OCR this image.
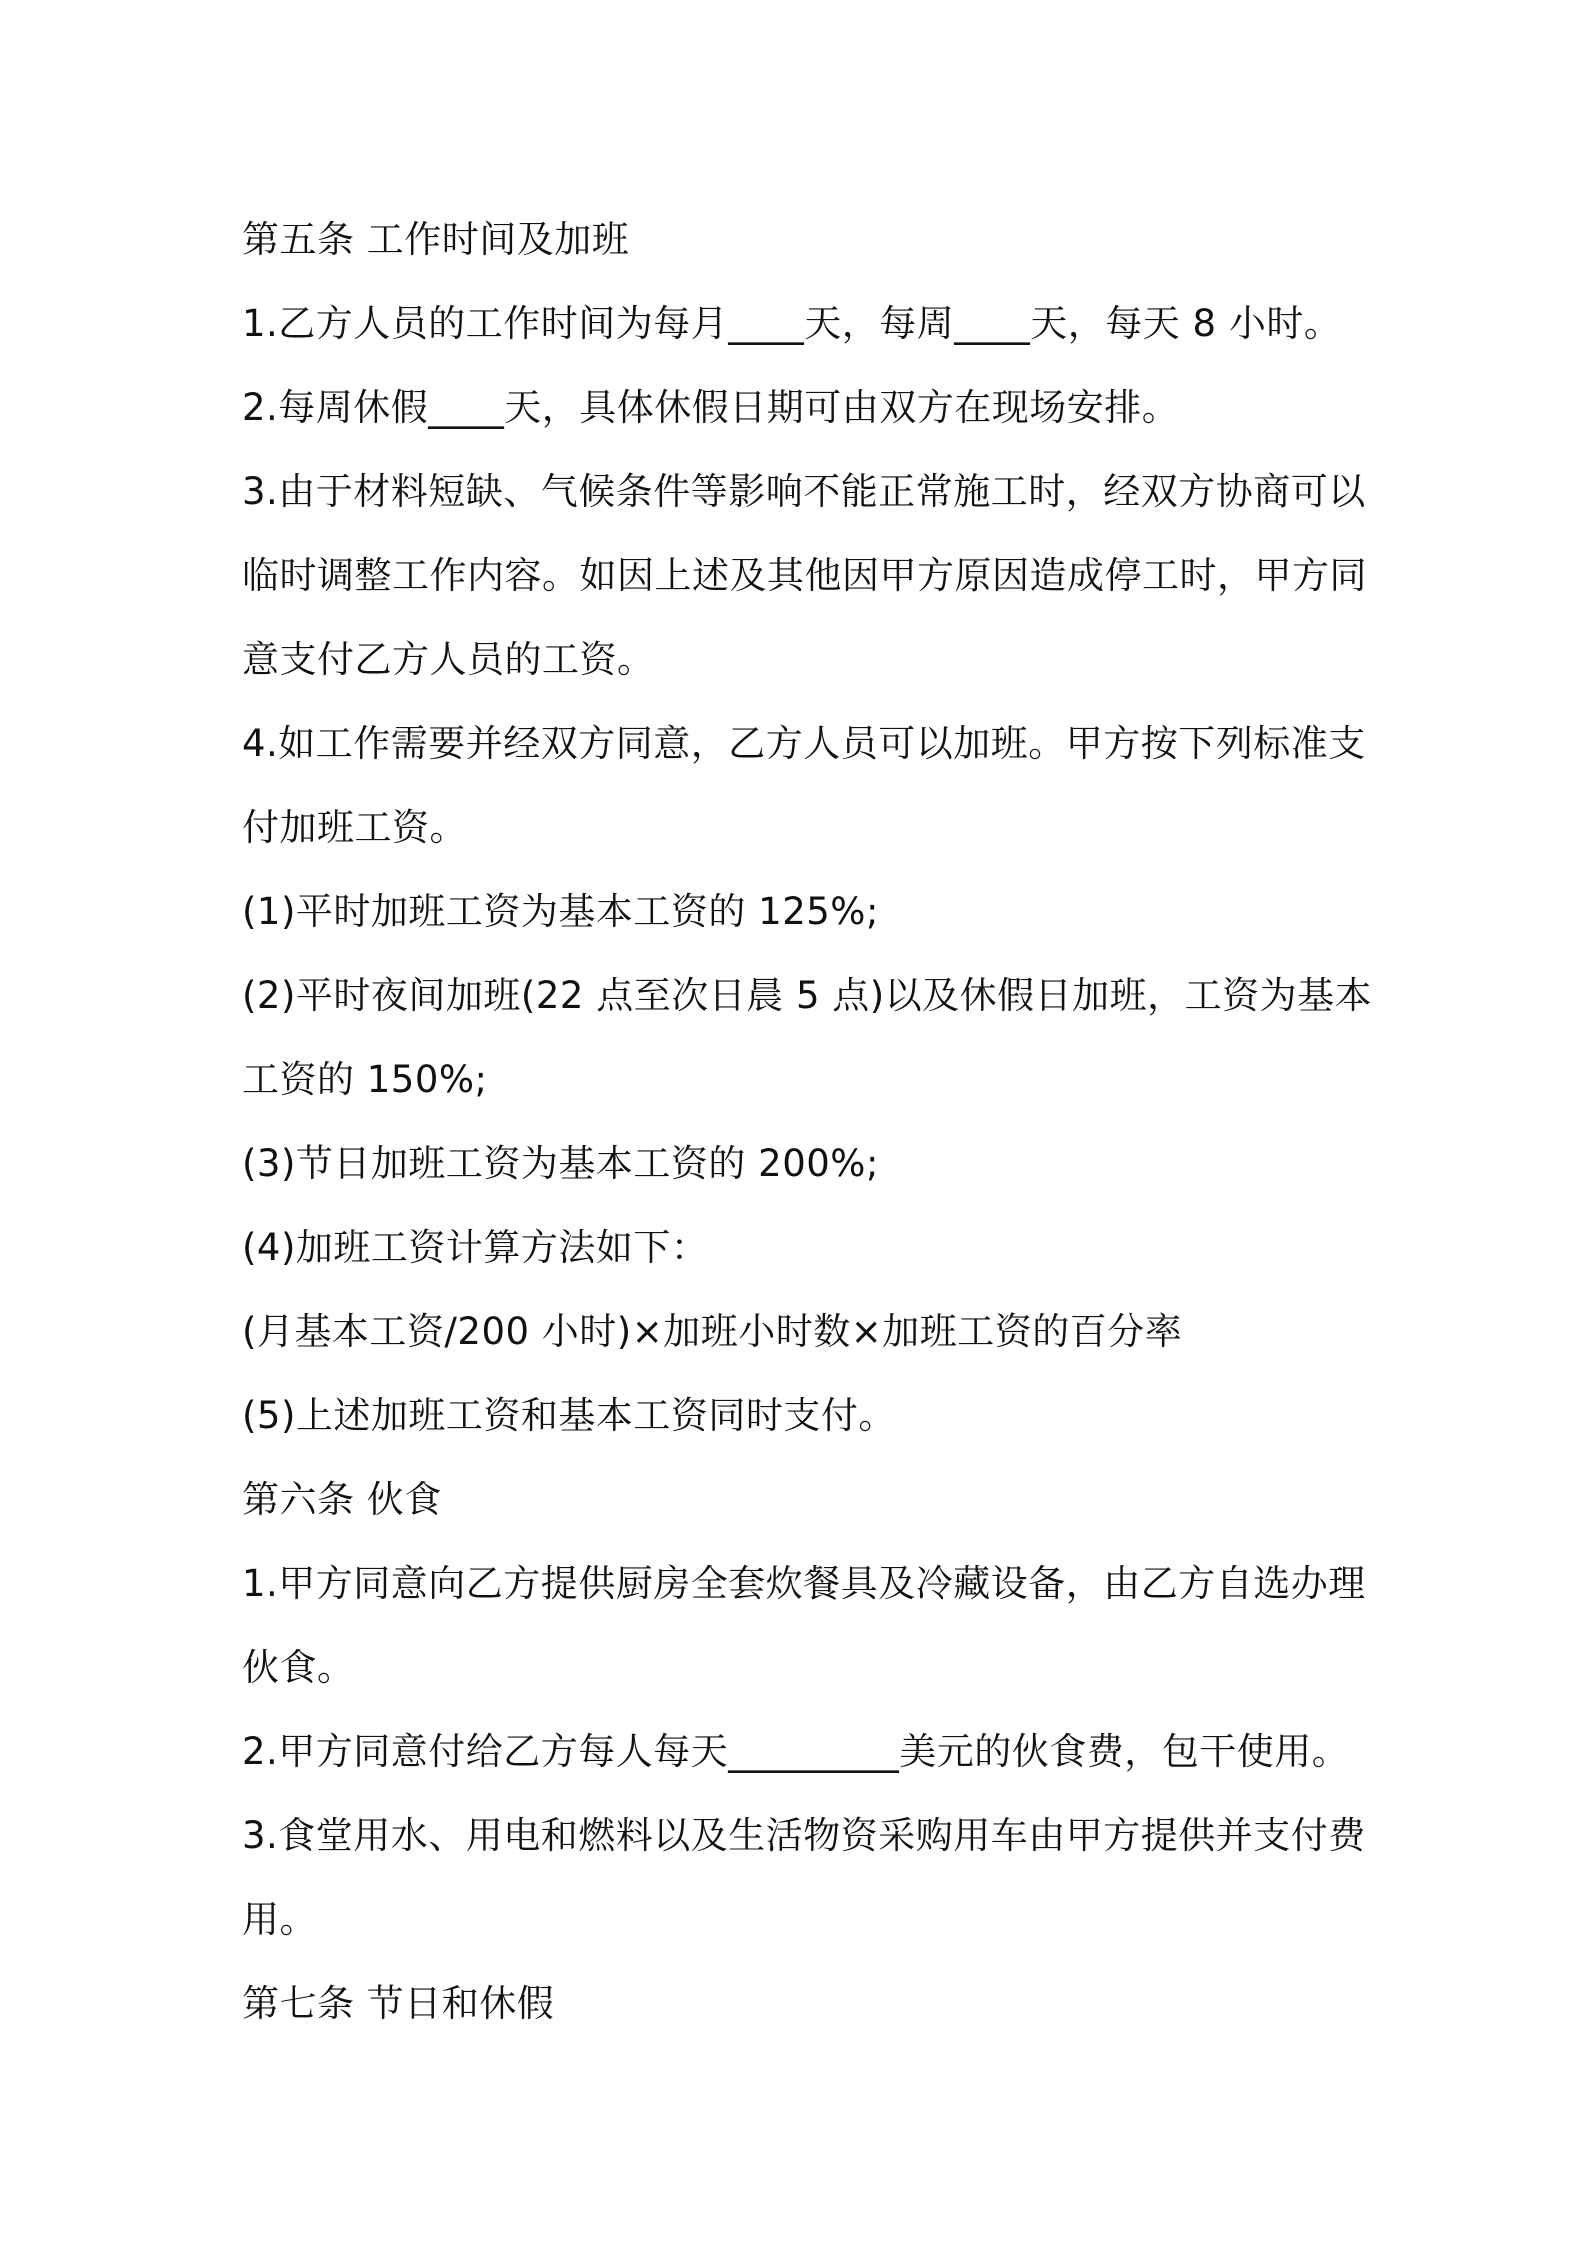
第五条 工作时间及加班

1.乙方人员的工作时间为每月____天，每周____天，每天 8 小时。

2.每周休假____天，具体休假日期可由双方在现场安排。

3.由于材料短缺、气候条件等影响不能正常施工时，经双方协商可以

临时调整工作内容。如因上述及其他因甲方原因造成停工时，甲方同

意支付乙方人员的工资。

4.如工作需要并经双方同意，乙方人员可以加班。甲方按下列标准支

付加班工资。

(1)平时加班工资为基本工资的 125%;

(2)平时夜间加班(22 点至次日晨 5 点)以及休假日加班，工资为基本

工资的 150%;

(3)节日加班工资为基本工资的 200%;

(4)加班工资计算方法如下：

(月基本工资/200 小时)×加班小时数×加班工资的百分率

(5)上述加班工资和基本工资同时支付。

第六条 伙食

1.甲方同意向乙方提供厨房全套炊餐具及冷藏设备，由乙方自选办理

伙食。

2.甲方同意付给乙方每人每天_________美元的伙食费，包干使用。

3.食堂用水、用电和燃料以及生活物资采购用车由甲方提供并支付费

用。

第七条 节日和休假
